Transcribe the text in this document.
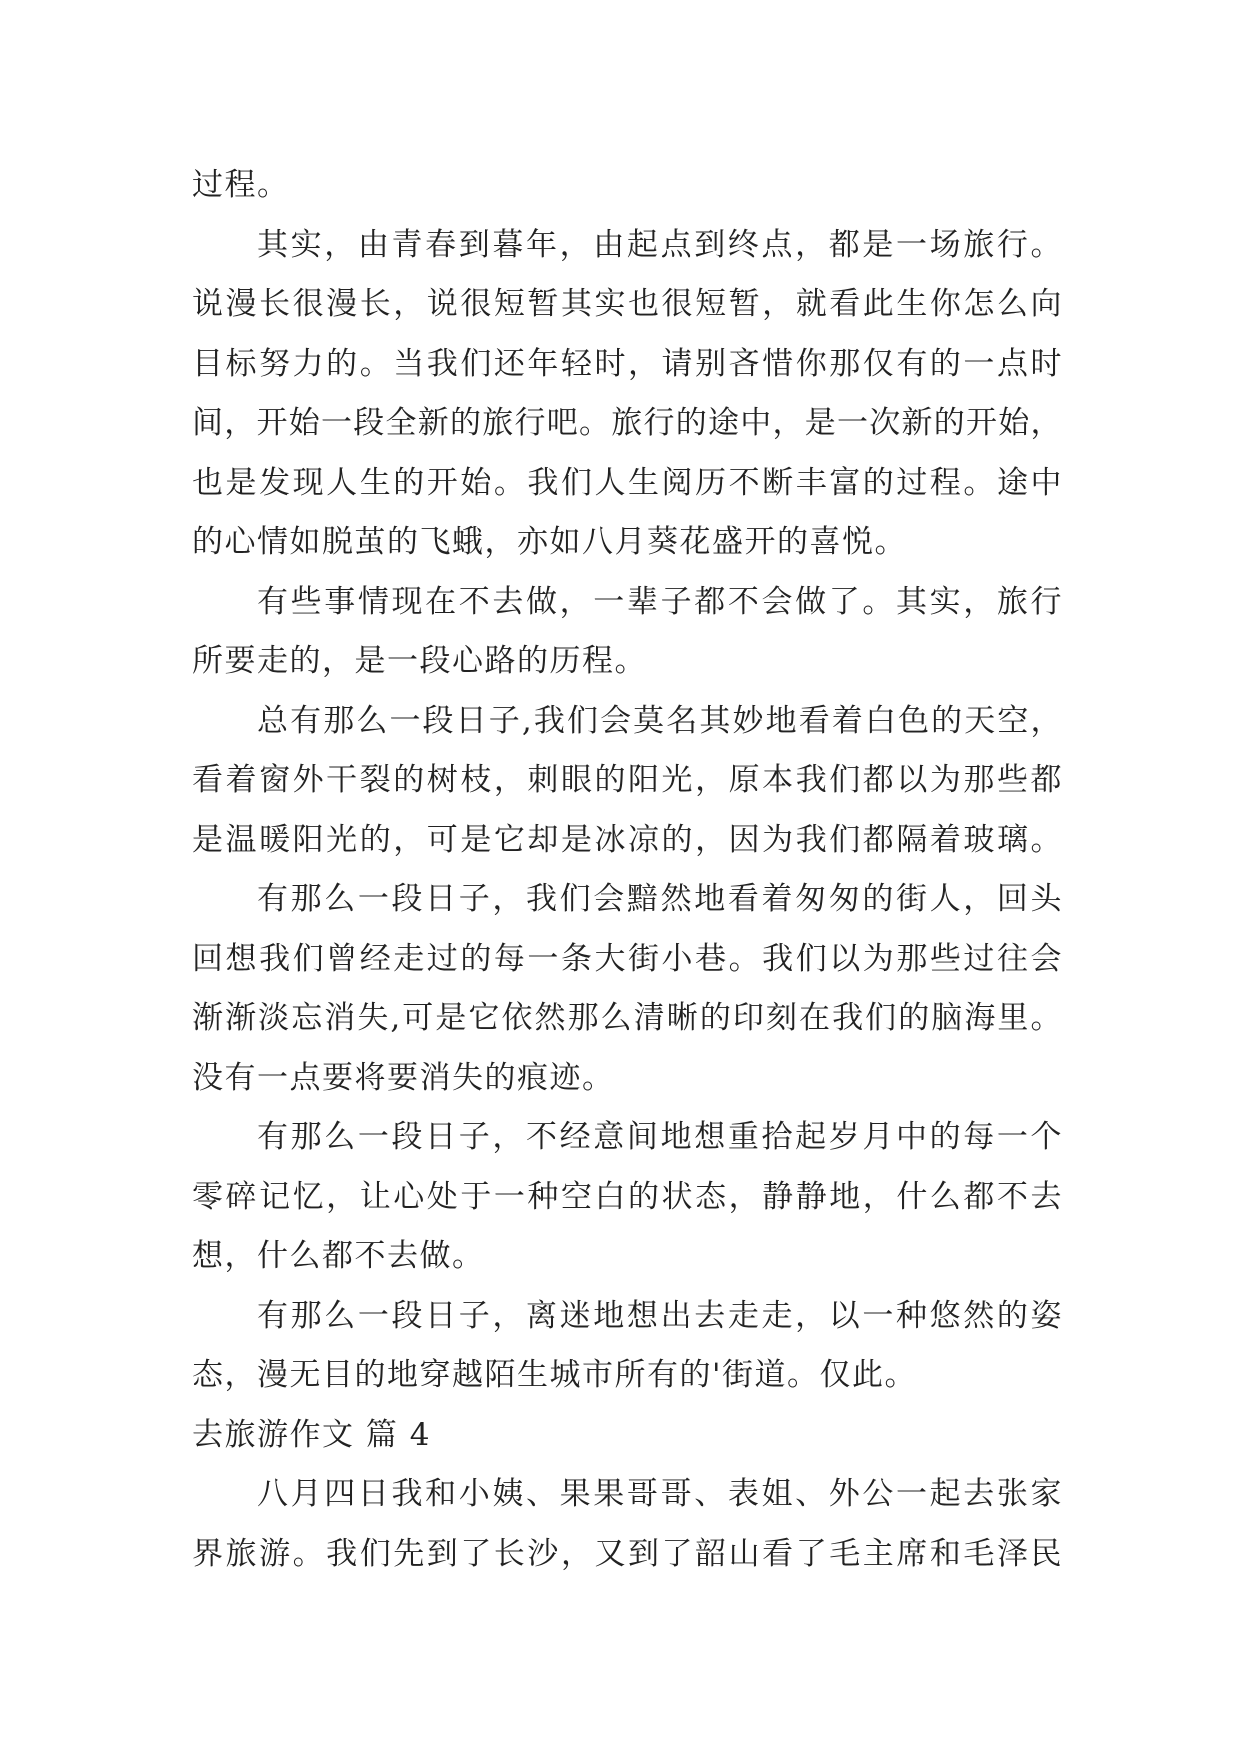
过程。
其实，由青春到暮年，由起点到终点，都是一场旅行。
说漫长很漫长，说很短暂其实也很短暂，就看此生你怎么向
目标努力的。当我们还年轻时，请别吝惜你那仅有的一点时
间，开始一段全新的旅行吧。旅行的途中，是一次新的开始，
也是发现人生的开始。我们人生阅历不断丰富的过程。途中
的心情如脱茧的飞蛾，亦如八月葵花盛开的喜悦。
有些事情现在不去做，一辈子都不会做了。其实，旅行
所要走的，是一段心路的历程。
总有那么一段日子,我们会莫名其妙地看着白色的天空，
看着窗外干裂的树枝，刺眼的阳光，原本我们都以为那些都
是温暖阳光的，可是它却是冰凉的，因为我们都隔着玻璃。
有那么一段日子，我们会黯然地看着匆匆的街人，回头
回想我们曾经走过的每一条大街小巷。我们以为那些过往会
渐渐淡忘消失,可是它依然那么清晰的印刻在我们的脑海里。
没有一点要将要消失的痕迹。
有那么一段日子，不经意间地想重拾起岁月中的每一个
零碎记忆，让心处于一种空白的状态，静静地，什么都不去
想，什么都不去做。
有那么一段日子，离迷地想出去走走，以一种悠然的姿
态，漫无目的地穿越陌生城市所有的'街道。仅此。
去旅游作文 篇 4
八月四日我和小姨、果果哥哥、表姐、外公一起去张家
界旅游。我们先到了长沙，又到了韶山看了毛主席和毛泽民
